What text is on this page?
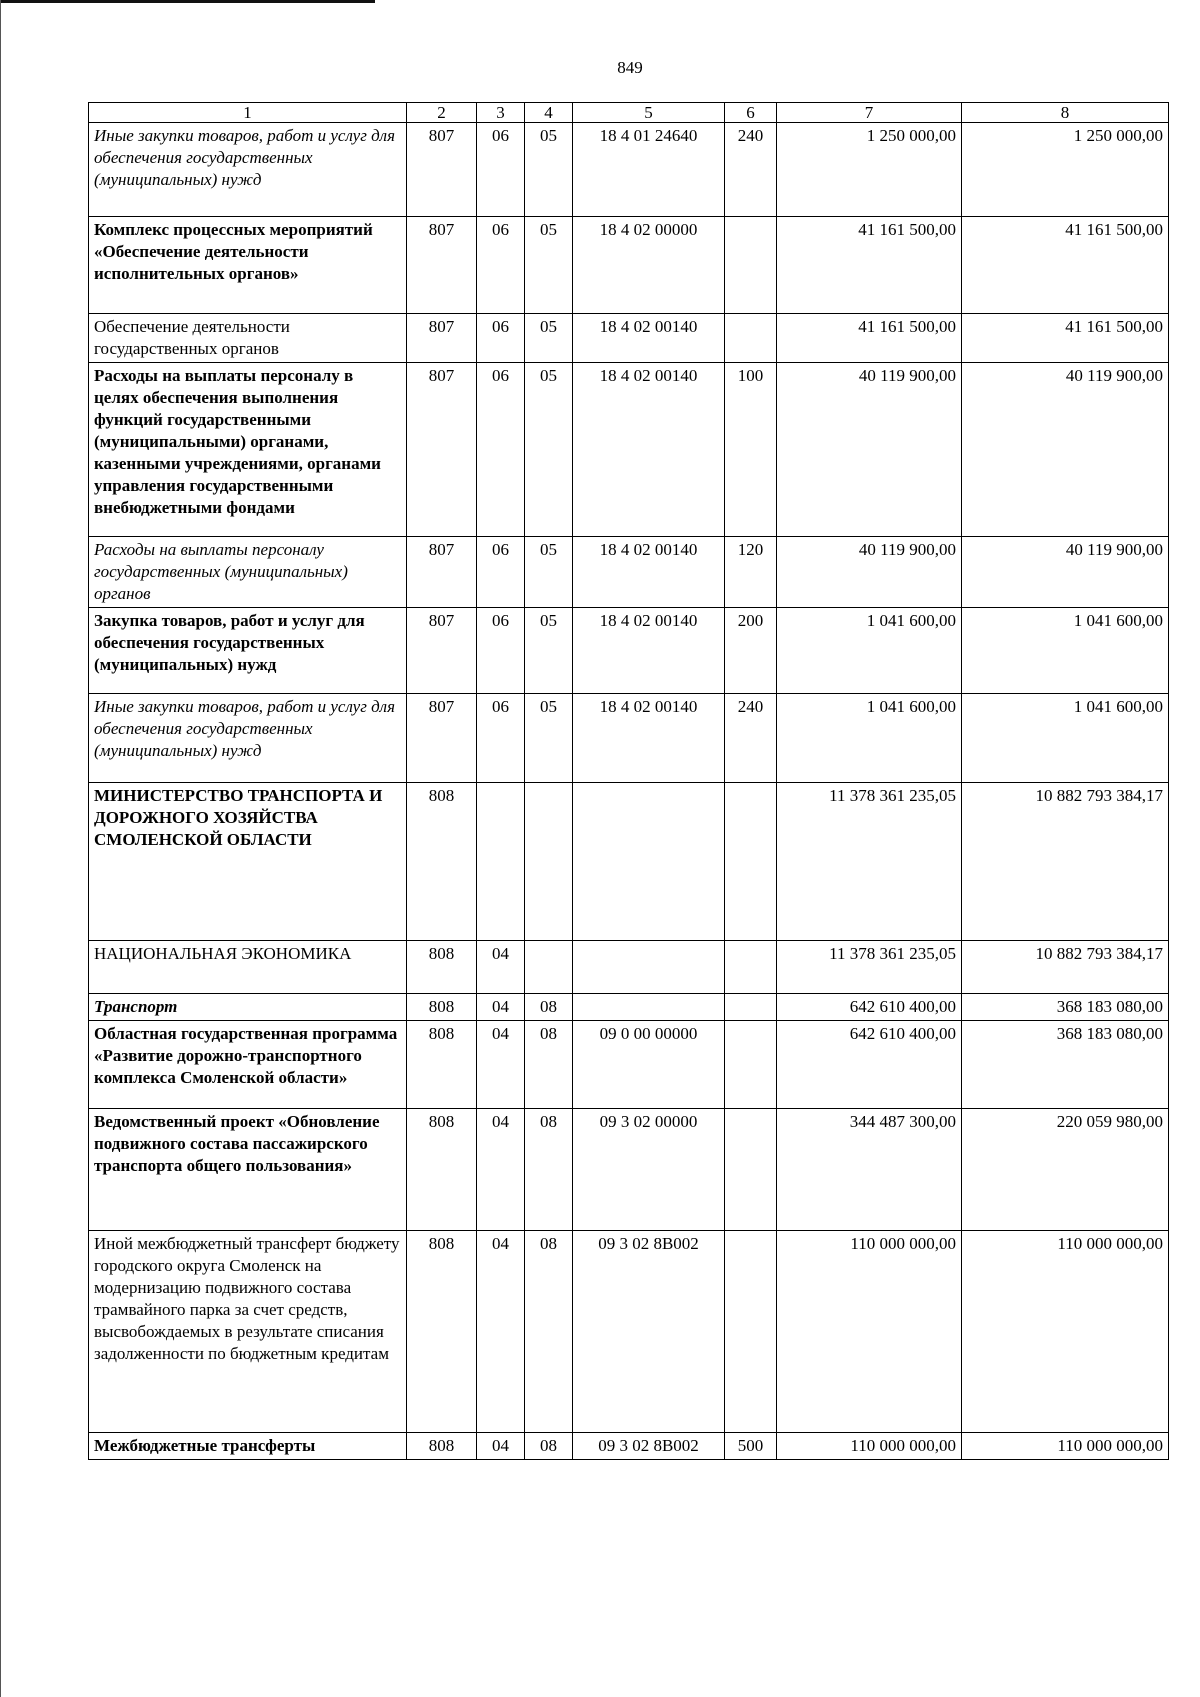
849
1	2	3	4	5	6	7	8
Иные закупки товаров, работ и услуг для обеспечения государственных (муниципальных) нужд	807	06	05	18 4 01 24640	240	1 250 000,00	1 250 000,00
Комплекс процессных мероприятий «Обеспечение деятельности исполнительных органов»	807	06	05	18 4 02 00000		41 161 500,00	41 161 500,00
Обеспечение деятельности государственных органов	807	06	05	18 4 02 00140		41 161 500,00	41 161 500,00
Расходы на выплаты персоналу в целях обеспечения выполнения функций государственными (муниципальными) органами, казенными учреждениями, органами управления государственными внебюджетными фондами	807	06	05	18 4 02 00140	100	40 119 900,00	40 119 900,00
Расходы на выплаты персоналу государственных (муниципальных) органов	807	06	05	18 4 02 00140	120	40 119 900,00	40 119 900,00
Закупка товаров, работ и услуг для обеспечения государственных (муниципальных) нужд	807	06	05	18 4 02 00140	200	1 041 600,00	1 041 600,00
Иные закупки товаров, работ и услуг для обеспечения государственных (муниципальных) нужд	807	06	05	18 4 02 00140	240	1 041 600,00	1 041 600,00
МИНИСТЕРСТВО ТРАНСПОРТА И ДОРОЖНОГО ХОЗЯЙСТВА СМОЛЕНСКОЙ ОБЛАСТИ	808					11 378 361 235,05	10 882 793 384,17
НАЦИОНАЛЬНАЯ ЭКОНОМИКА	808	04				11 378 361 235,05	10 882 793 384,17
Транспорт	808	04	08			642 610 400,00	368 183 080,00
Областная государственная программа «Развитие дорожно-транспортного комплекса Смоленской области»	808	04	08	09 0 00 00000		642 610 400,00	368 183 080,00
Ведомственный проект «Обновление подвижного состава пассажирского транспорта общего пользования»	808	04	08	09 3 02 00000		344 487 300,00	220 059 980,00
Иной межбюджетный трансферт бюджету городского округа Смоленск на модернизацию подвижного состава трамвайного парка за счет средств, высвобождаемых в результате списания задолженности по бюджетным кредитам	808	04	08	09 3 02 8В002		110 000 000,00	110 000 000,00
Межбюджетные трансферты	808	04	08	09 3 02 8В002	500	110 000 000,00	110 000 000,00
